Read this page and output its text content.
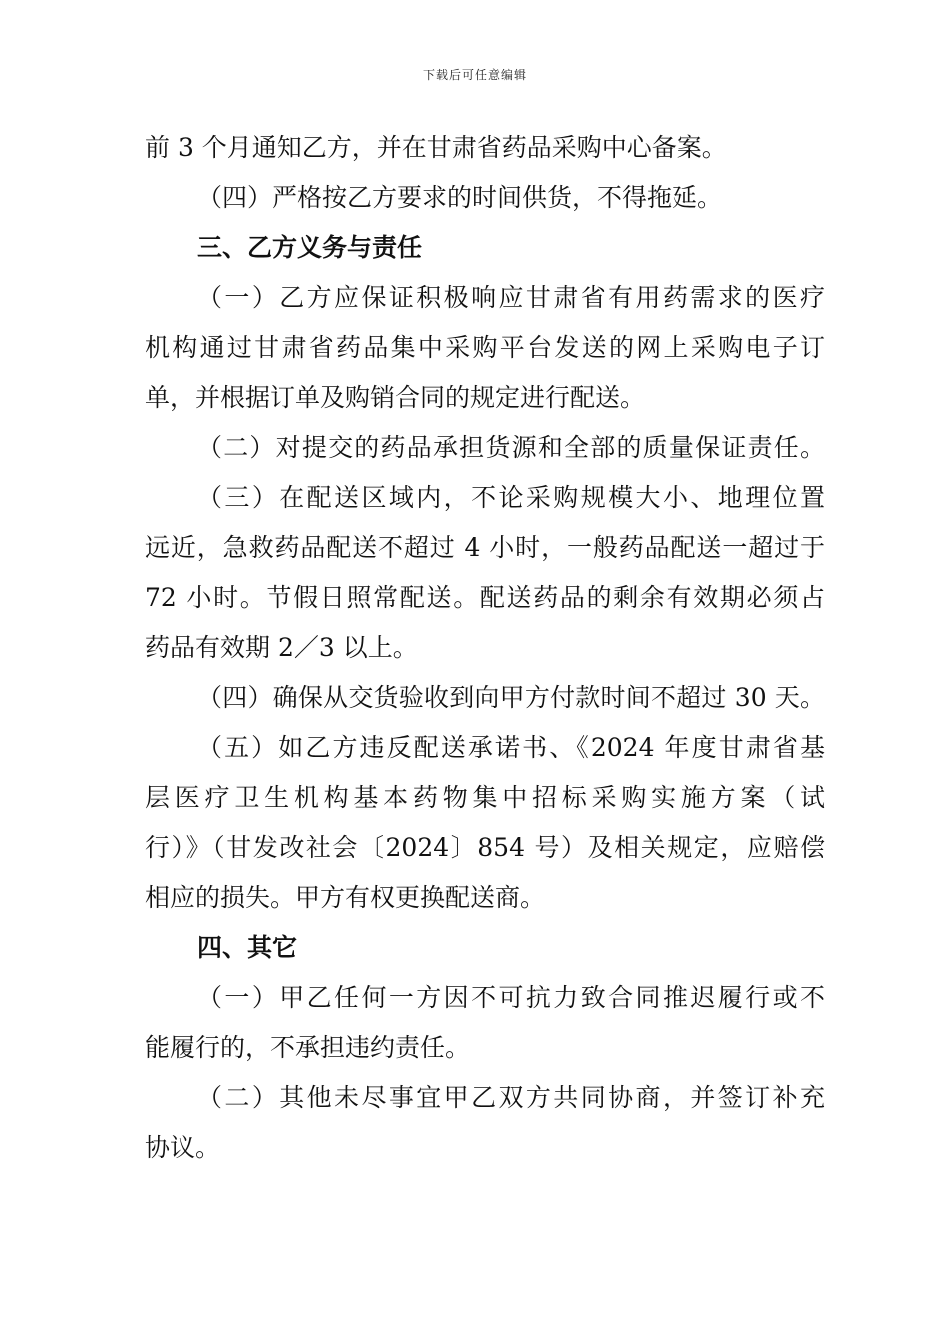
下载后可任意编辑
前 3 个月通知乙方，并在甘肃省药品采购中心备案。
（四）严格按乙方要求的时间供货，不得拖延。
三、乙方义务与责任
（一）乙方应保证积极响应甘肃省有用药需求的医疗
机构通过甘肃省药品集中采购平台发送的网上采购电子订
单，并根据订单及购销合同的规定进行配送。
（二）对提交的药品承担货源和全部的质量保证责任。
（三）在配送区域内，不论采购规模大小、地理位置
远近，急救药品配送不超过 4 小时，一般药品配送一超过于
72 小时。节假日照常配送。配送药品的剩余有效期必须占
药品有效期 2／3 以上。
（四）确保从交货验收到向甲方付款时间不超过 30 天。
（五）如乙方违反配送承诺书、《2024 年度甘肃省基
层医疗卫生机构基本药物集中招标采购实施方案（试
行）》（甘发改社会〔2024〕854 号）及相关规定，应赔偿
相应的损失。甲方有权更换配送商。
四、其它
（一）甲乙任何一方因不可抗力致合同推迟履行或不
能履行的，不承担违约责任。
（二）其他未尽事宜甲乙双方共同协商，并签订补充
协议。
